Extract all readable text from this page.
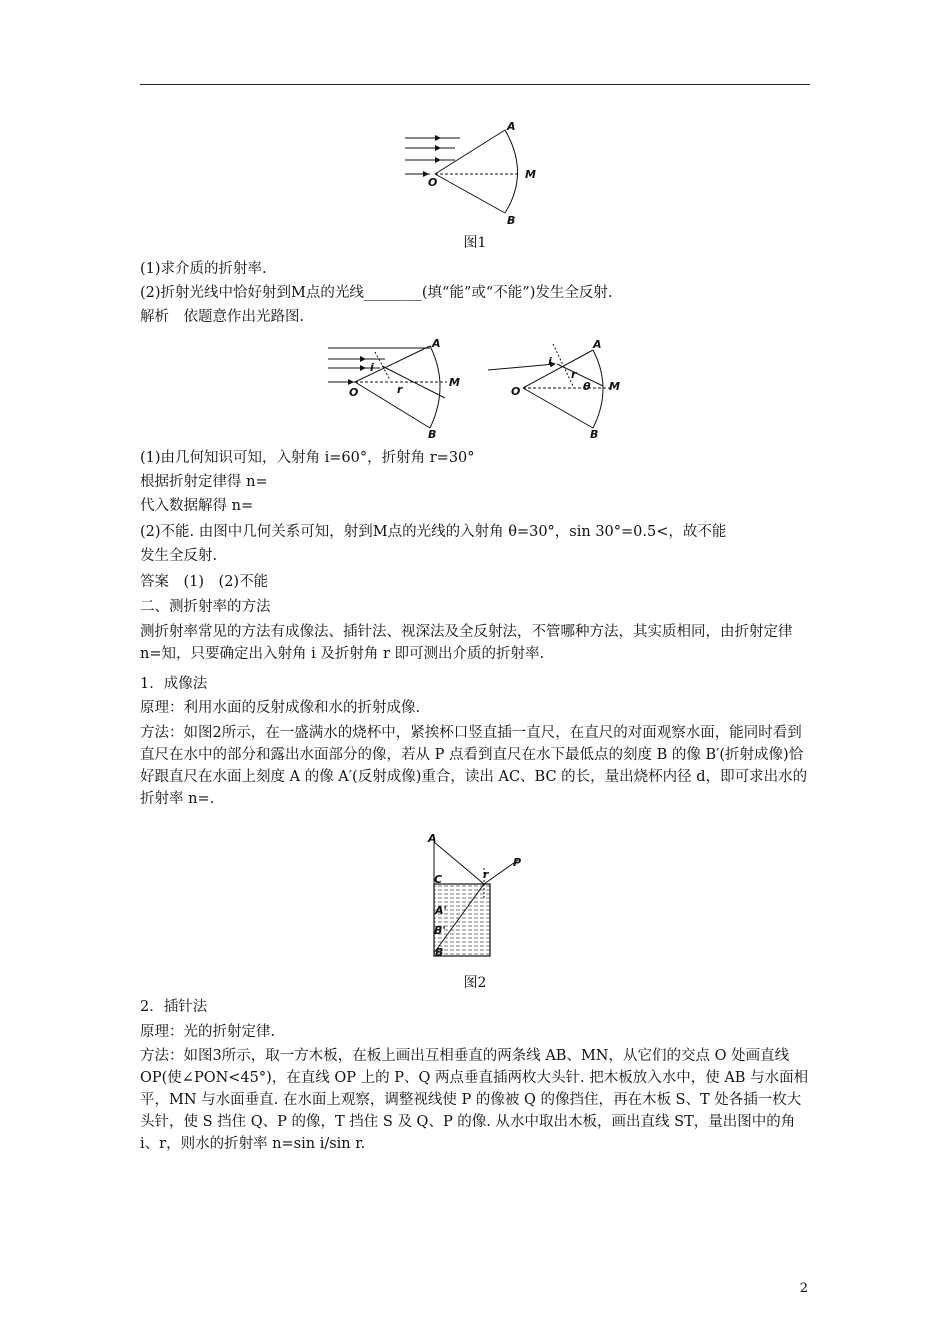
A
O
M
B
图1
(1)求介质的折射率.
(2)折射光线中恰好射到M点的光线________(填“能”或“不能”)发生全反射.
解析　依题意作出光路图.
A
O
M
B
i
r
A
O	M
B
i
r
θ
(1)由几何知识可知，入射角 i=60°，折射角 r=30°
根据折射定律得 n=
代入数据解得 n=
(2)不能. 由图中几何关系可知，射到M点的光线的入射角 θ=30°，sin 30°=0.5<，故不能
发生全反射.
答案　(1)　(2)不能
二、测折射率的方法
测折射率常见的方法有成像法、插针法、视深法及全反射法，不管哪种方法，其实质相同，由折射定律 n=知，只要确定出入射角 i 及折射角 r 即可测出介质的折射率.
1．成像法
原理：利用水面的反射成像和水的折射成像.
方法：如图2所示，在一盛满水的烧杯中，紧挨杯口竖直插一直尺，在直尺的对面观察水面，能同时看到直尺在水中的部分和露出水面部分的像，若从 P 点看到直尺在水下最低点的刻度 B 的像 B′(折射成像)恰好跟直尺在水面上刻度 A 的像 A′(反射成像)重合，读出 AC、BC 的长，量出烧杯内径 d，即可求出水的折射率 n=.
A
C	r
P
A'
B'
B
图2
2．插针法
原理：光的折射定律.
方法：如图3所示，取一方木板，在板上画出互相垂直的两条线 AB、MN，从它们的交点 O 处画直线 OP(使∠PON<45°)，在直线 OP 上的 P、Q 两点垂直插两枚大头针. 把木板放入水中，使 AB 与水面相平，MN 与水面垂直. 在水面上观察，调整视线使 P 的像被 Q 的像挡住，再在木板 S、T 处各插一枚大头针，使 S 挡住 Q、P 的像，T 挡住 S 及 Q、P 的像. 从水中取出木板，画出直线 ST，量出图中的角 i、r，则水的折射率 n=sin i/sin r.
2
